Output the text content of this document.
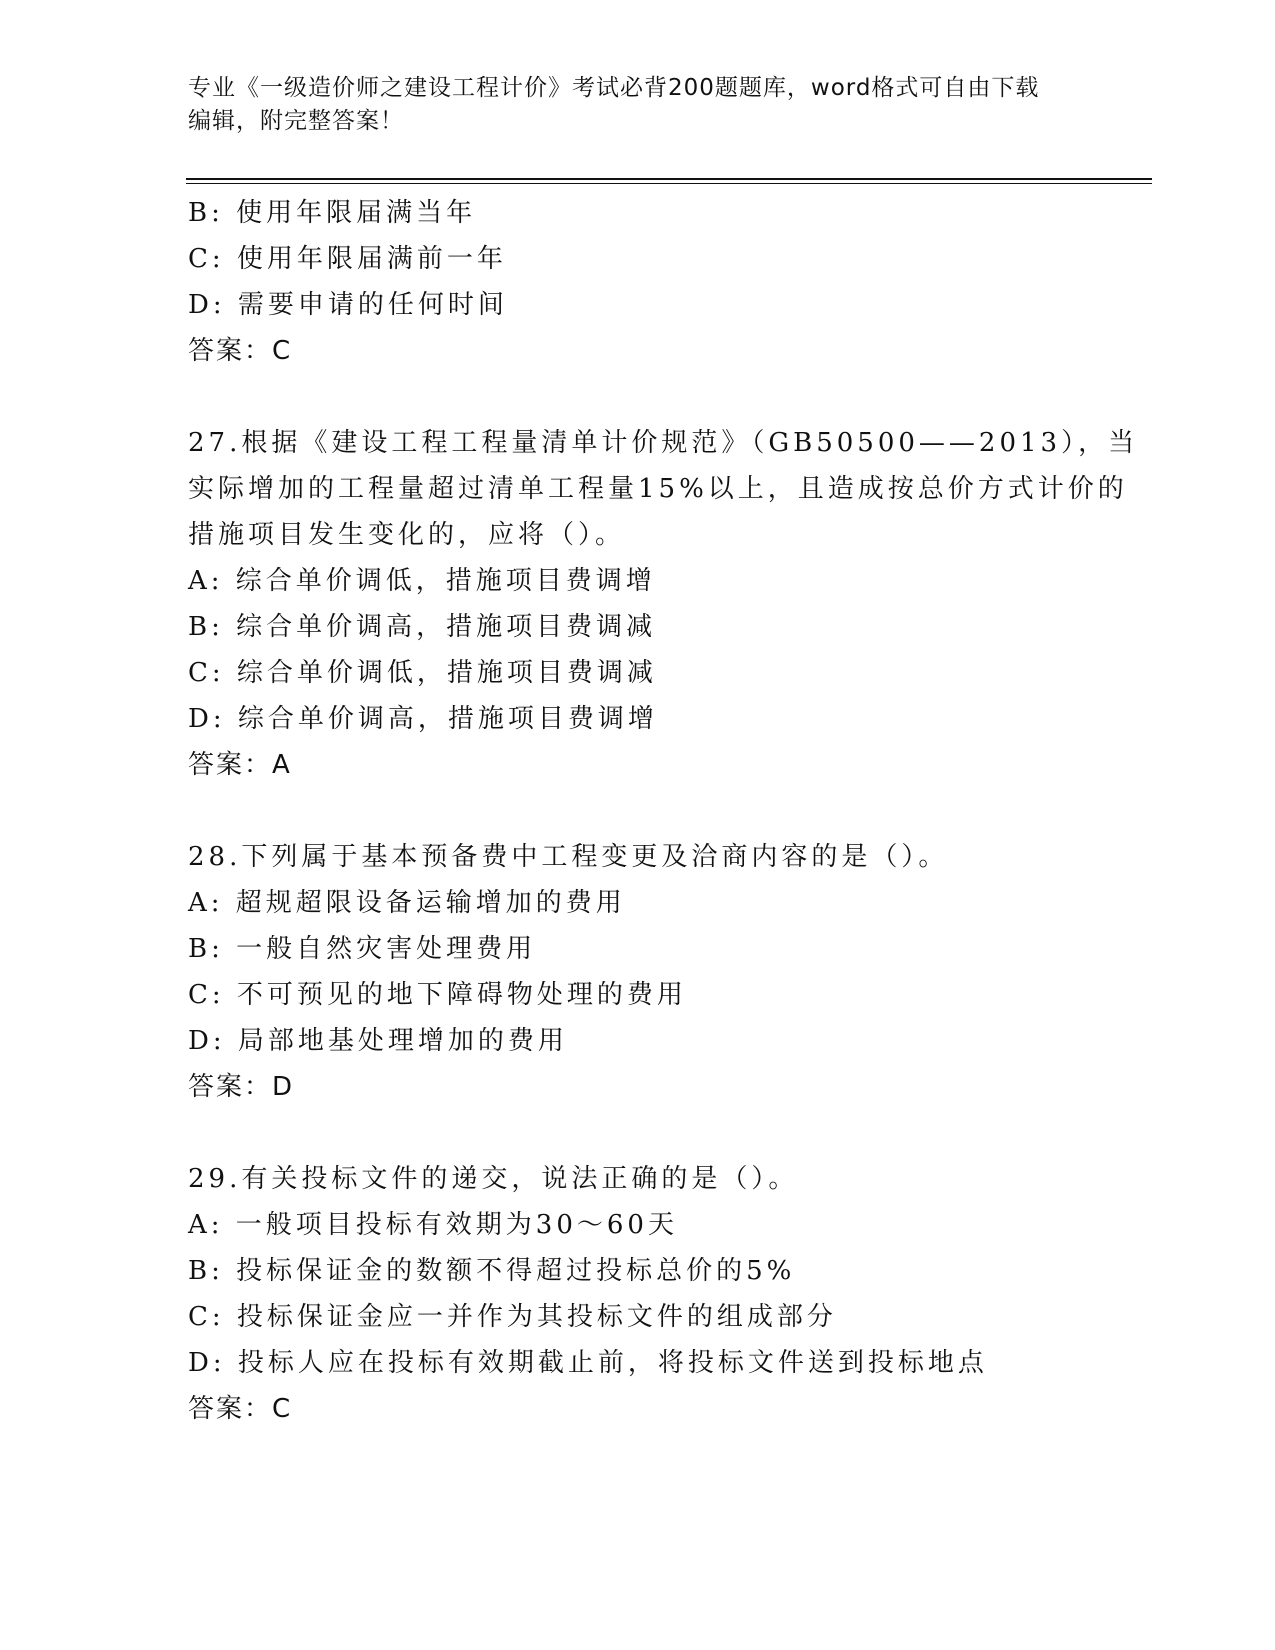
专业《一级造价师之建设工程计价》考试必背200题题库，word格式可自由下载
编辑，附完整答案！
B: 使用年限届满当年
C: 使用年限届满前一年
D: 需要申请的任何时间
答案：C
27.根据《建设工程工程量清单计价规范》（GB50500——2013），当
实际增加的工程量超过清单工程量15%以上，且造成按总价方式计价的
措施项目发生变化的，应将（）。
A: 综合单价调低，措施项目费调增
B: 综合单价调高，措施项目费调减
C: 综合单价调低，措施项目费调减
D: 综合单价调高，措施项目费调增
答案：A
28.下列属于基本预备费中工程变更及洽商内容的是（）。
A: 超规超限设备运输增加的费用
B: 一般自然灾害处理费用
C: 不可预见的地下障碍物处理的费用
D: 局部地基处理增加的费用
答案：D
29.有关投标文件的递交，说法正确的是（）。
A: 一般项目投标有效期为30～60天
B: 投标保证金的数额不得超过投标总价的5%
C: 投标保证金应一并作为其投标文件的组成部分
D: 投标人应在投标有效期截止前，将投标文件送到投标地点
答案：C
